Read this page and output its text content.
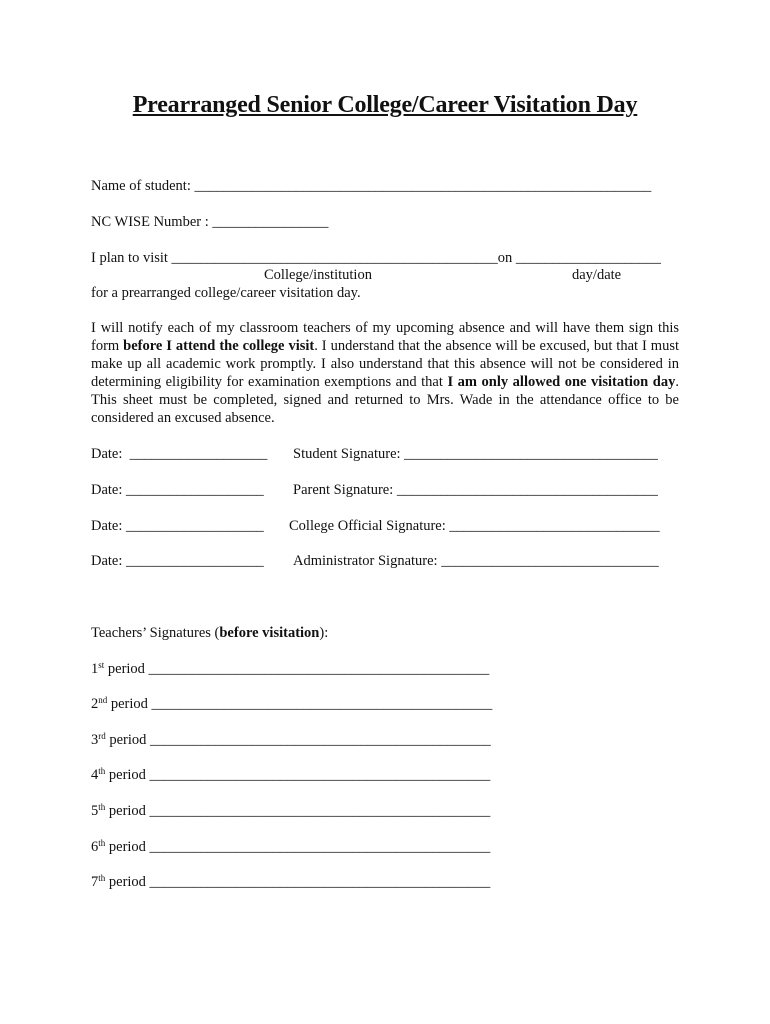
Prearranged Senior College/Career Visitation Day
Name of student: _______________________________________________________________
NC WISE Number : ________________
I plan to visit _____________________________________________on ____________________
College/institution	day/date
for a prearranged college/career visitation day.
I will notify each of my classroom teachers of my upcoming absence and will have them sign this form before I attend the college visit. I understand that the absence will be excused, but that I must make up all academic work promptly. I also understand that this absence will not be considered in determining eligibility for examination exemptions and that I am only allowed one visitation day. This sheet must be completed, signed and returned to Mrs. Wade in the attendance office to be considered an excused absence.
Date:  ___________________ Student Signature: ___________________________________
Date: ___________________ Parent Signature: ____________________________________
Date: ___________________ College Official Signature: _____________________________
Date: ___________________ Administrator Signature: ______________________________
Teachers’ Signatures (before visitation):
1st period _______________________________________________
2nd period _______________________________________________
3rd period _______________________________________________
4th period _______________________________________________
5th period _______________________________________________
6th period _______________________________________________
7th period _______________________________________________
